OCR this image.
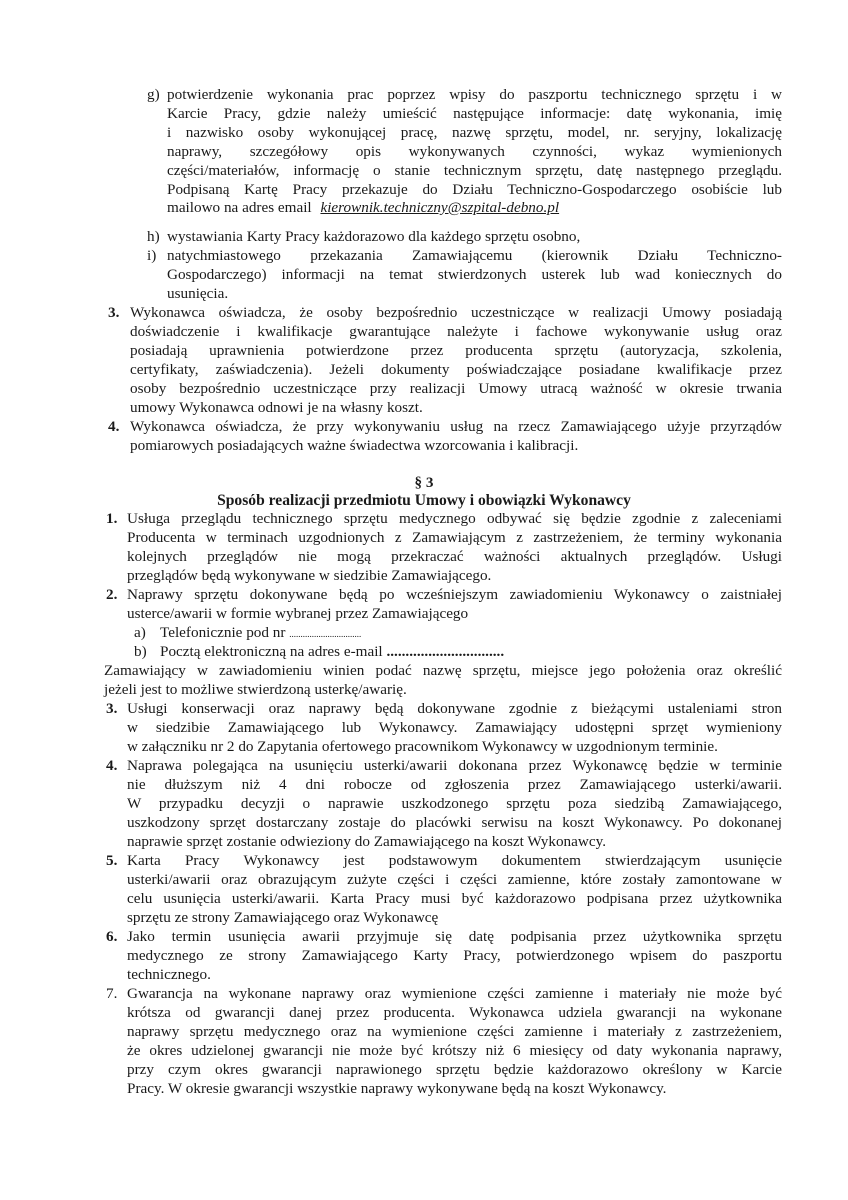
g) potwierdzenie wykonania prac poprzez wpisy do paszportu technicznego sprzętu i w
Karcie Pracy, gdzie należy umieścić następujące informacje: datę wykonania, imię
i nazwisko osoby wykonującej pracę, nazwę sprzętu, model, nr. seryjny, lokalizację
naprawy, szczegółowy opis wykonywanych czynności, wykaz wymienionych
części/materiałów, informację o stanie technicznym sprzętu, datę następnego przeglądu.
Podpisaną Kartę Pracy przekazuje do Działu Techniczno-Gospodarczego osobiście lub
mailowo na adres email kierownik.techniczny@szpital-debno.pl
h) wystawiania Karty Pracy każdorazowo dla każdego sprzętu osobno,
i) natychmiastowego przekazania Zamawiającemu (kierownik Działu Techniczno-
Gospodarczego) informacji na temat stwierdzonych usterek lub wad koniecznych do
usunięcia.
3. Wykonawca oświadcza, że osoby bezpośrednio uczestniczące w realizacji Umowy posiadają
doświadczenie i kwalifikacje gwarantujące należyte i fachowe wykonywanie usług oraz
posiadają uprawnienia potwierdzone przez producenta sprzętu (autoryzacja, szkolenia,
certyfikaty, zaświadczenia). Jeżeli dokumenty poświadczające posiadane kwalifikacje przez
osoby bezpośrednio uczestniczące przy realizacji Umowy utracą ważność w okresie trwania
umowy Wykonawca odnowi je na własny koszt.
4. Wykonawca oświadcza, że przy wykonywaniu usług na rzecz Zamawiającego użyje przyrządów
pomiarowych posiadających ważne świadectwa wzorcowania i kalibracji.
§ 3
Sposób realizacji przedmiotu Umowy i obowiązki Wykonawcy
1. Usługa przeglądu technicznego sprzętu medycznego odbywać się będzie zgodnie z zaleceniami
Producenta w terminach uzgodnionych z Zamawiającym z zastrzeżeniem, że terminy wykonania
kolejnych przeglądów nie mogą przekraczać ważności aktualnych przeglądów. Usługi
przeglądów będą wykonywane w siedzibie Zamawiającego.
2. Naprawy sprzętu dokonywane będą po wcześniejszym zawiadomieniu Wykonawcy o zaistniałej
usterce/awarii w formie wybranej przez Zamawiającego
a) Telefonicznie pod nr ................................
b) Pocztą elektroniczną na adres e-mail ...............................
Zamawiający w zawiadomieniu winien podać nazwę sprzętu, miejsce jego położenia oraz określić
jeżeli jest to możliwe stwierdzoną usterkę/awarię.
3. Usługi konserwacji oraz naprawy będą dokonywane zgodnie z bieżącymi ustaleniami stron
w siedzibie Zamawiającego lub Wykonawcy. Zamawiający udostępni sprzęt wymieniony
w załączniku nr 2 do Zapytania ofertowego pracownikom Wykonawcy w uzgodnionym terminie.
4. Naprawa polegająca na usunięciu usterki/awarii dokonana przez Wykonawcę będzie w terminie
nie dłuższym niż 4 dni robocze od zgłoszenia przez Zamawiającego usterki/awarii.
W przypadku decyzji o naprawie uszkodzonego sprzętu poza siedzibą Zamawiającego,
uszkodzony sprzęt dostarczany zostaje do placówki serwisu na koszt Wykonawcy. Po dokonanej
naprawie sprzęt zostanie odwieziony do Zamawiającego na koszt Wykonawcy.
5. Karta Pracy Wykonawcy jest podstawowym dokumentem stwierdzającym usunięcie
usterki/awarii oraz obrazującym zużyte części i części zamienne, które zostały zamontowane w
celu usunięcia usterki/awarii. Karta Pracy musi być każdorazowo podpisana przez użytkownika
sprzętu ze strony Zamawiającego oraz Wykonawcę
6. Jako termin usunięcia awarii przyjmuje się datę podpisania przez użytkownika sprzętu
medycznego ze strony Zamawiającego Karty Pracy, potwierdzonego wpisem do paszportu
technicznego.
7. Gwarancja na wykonane naprawy oraz wymienione części zamienne i materiały nie może być
krótsza od gwarancji danej przez producenta. Wykonawca udziela gwarancji na wykonane
naprawy sprzętu medycznego oraz na wymienione części zamienne i materiały z zastrzeżeniem,
że okres udzielonej gwarancji nie może być krótszy niż 6 miesięcy od daty wykonania naprawy,
przy czym okres gwarancji naprawionego sprzętu będzie każdorazowo określony w Karcie
Pracy. W okresie gwarancji wszystkie naprawy wykonywane będą na koszt Wykonawcy.
